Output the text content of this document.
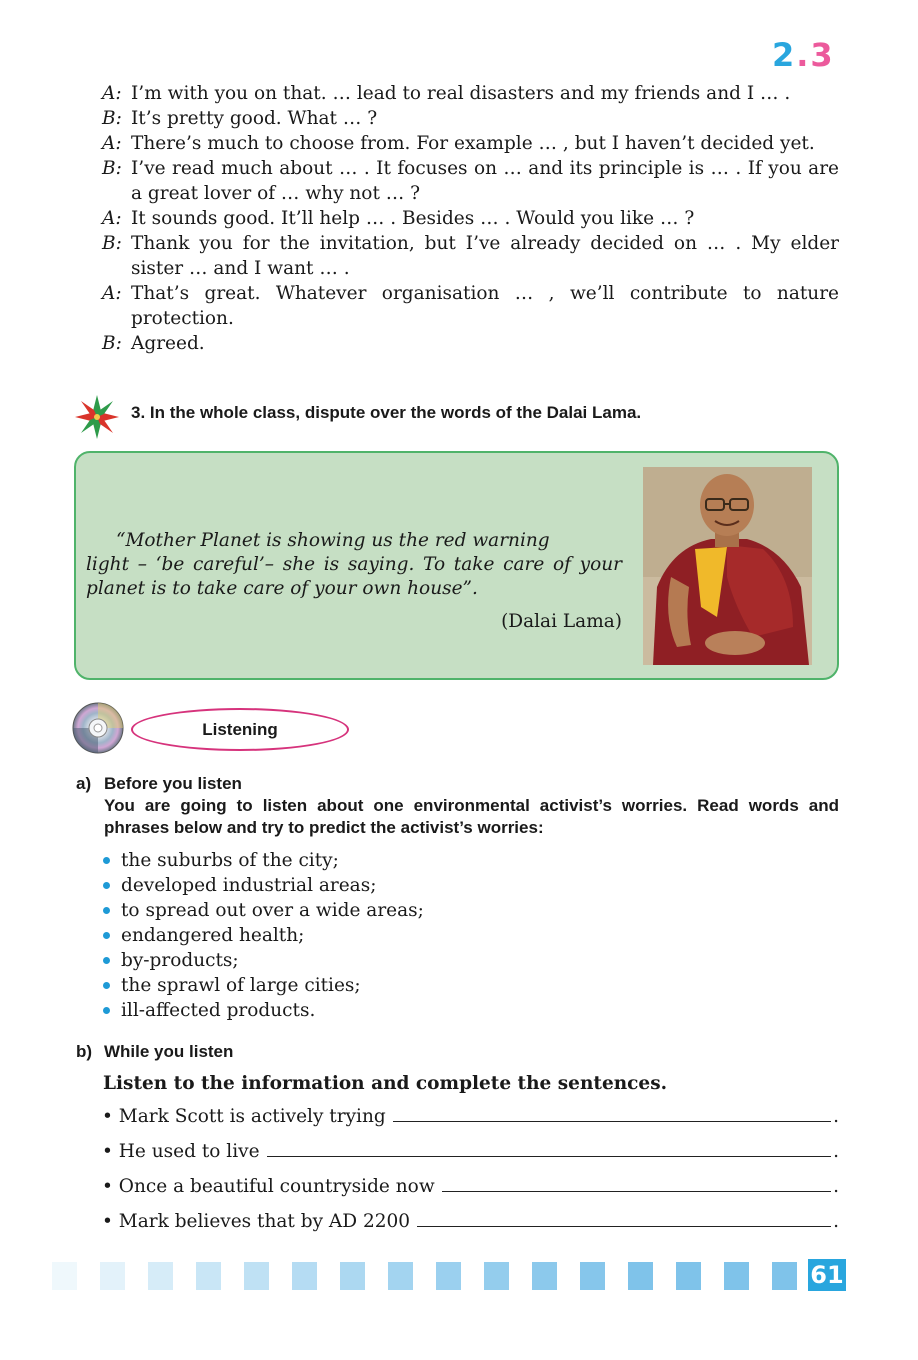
2.3
A: I’m with you on that. … lead to real disasters and my friends and I … .
B: It’s pretty good. What … ?
A: There’s much to choose from. For example … , but I haven’t decided yet.
B: I’ve read much about … . It focuses on … and its principle is … . If you are a great lover of … why not … ?
A: It sounds good. It’ll help … . Besides … . Would you like … ?
B: Thank you for the invitation, but I’ve already decided on … . My elder sister … and I want … .
A: That’s great. Whatever organisation … , we’ll contribute to nature protection.
B: Agreed.
3. In the whole class, dispute over the words of the Dalai Lama.
“Mother Planet is showing us the red warning
light – ‘be careful’– she is saying. To take care of your planet is to take care of your own house”.
(Dalai Lama)
Listening
a) Before you listen
You are going to listen about one environmental activist’s worries. Read words and phrases below and try to predict the activist’s worries:
the suburbs of the city;
developed industrial areas;
to spread out over a wide areas;
endangered health;
by-products;
the sprawl of large cities;
ill-affected products.
b) While you listen
Listen to the information and complete the sentences.
• Mark Scott is actively trying	.
• He used to live	.
• Once a beautiful countryside now	.
• Mark believes that by AD 2200	.
61
